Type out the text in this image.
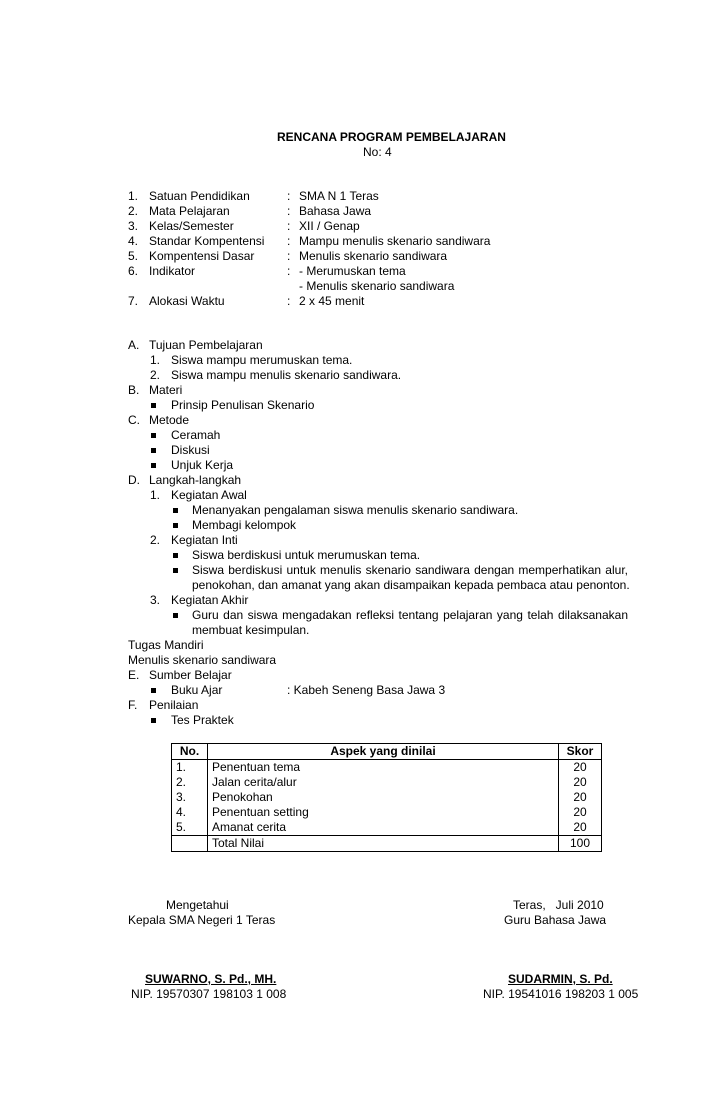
RENCANA PROGRAM PEMBELAJARAN
No: 4
1. Satuan Pendidikan	: SMA N 1 Teras
2. Mata Pelajaran	: Bahasa Jawa
3. Kelas/Semester	: XII / Genap
4. Standar Kompentensi : Mampu menulis skenario sandiwara
5. Kompentensi Dasar	: Menulis skenario sandiwara
6. Indikator	: - Merumuskan tema
- Menulis skenario sandiwara
7. Alokasi Waktu	: 2 x 45 menit
A. Tujuan Pembelajaran
1. Siswa mampu merumuskan tema.
2. Siswa mampu menulis skenario sandiwara.
B. Materi
Prinsip Penulisan Skenario
C. Metode
Ceramah
Diskusi
Unjuk Kerja
D. Langkah-langkah
1. Kegiatan Awal
Menanyakan pengalaman siswa menulis skenario sandiwara.
Membagi kelompok
2. Kegiatan Inti
Siswa berdiskusi untuk merumuskan tema.
Siswa berdiskusi untuk menulis skenario sandiwara dengan memperhatikan alur,
penokohan, dan amanat yang akan disampaikan kepada pembaca atau penonton.
3. Kegiatan Akhir
Guru dan siswa mengadakan refleksi tentang pelajaran yang telah dilaksanakan
membuat kesimpulan.
Tugas Mandiri
Menulis skenario sandiwara
E. Sumber Belajar
Buku Ajar	: Kabeh Seneng Basa Jawa 3
F. Penilaian
Tes Praktek
No.	Aspek yang dinilai	Skor
1.	Penentuan tema	20
2.	Jalan cerita/alur	20
3.	Penokohan	20
4.	Penentuan setting	20
5.	Amanat cerita	20
	Total Nilai	100
Mengetahui
Kepala SMA Negeri 1 Teras
SUWARNO, S. Pd., MH.
NIP. 19570307 198103 1 008
Teras,   Juli 2010
Guru Bahasa Jawa
SUDARMIN, S. Pd.
NIP. 19541016 198203 1 005
